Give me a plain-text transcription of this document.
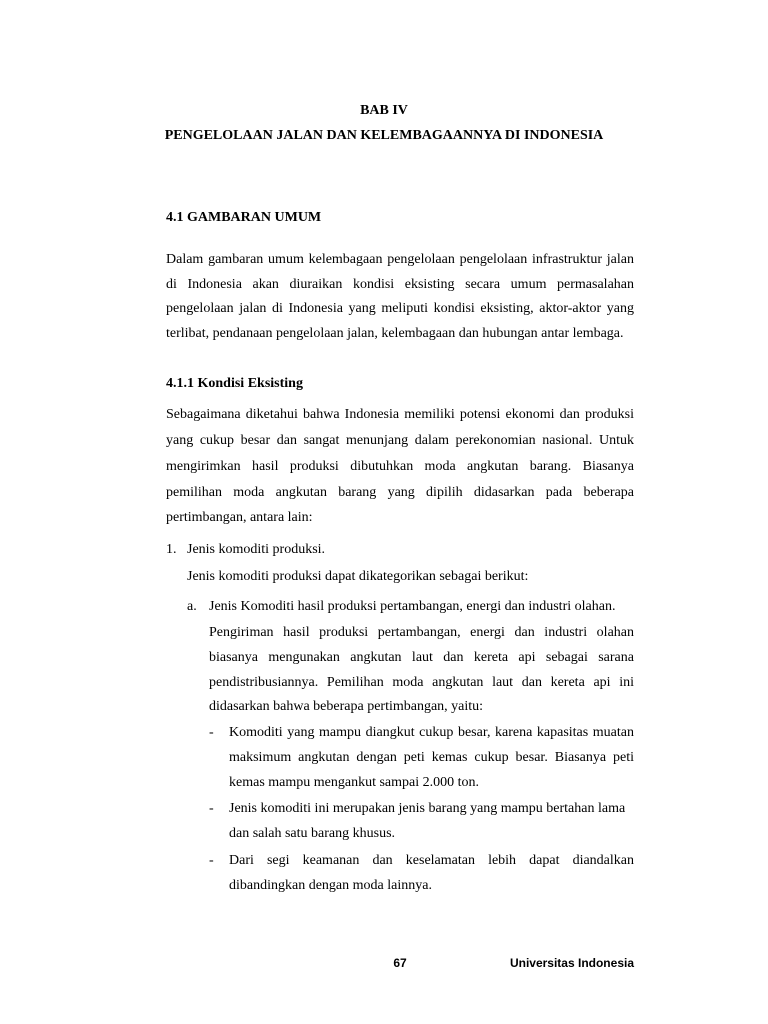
BAB IV
PENGELOLAAN JALAN DAN KELEMBAGAANNYA DI INDONESIA
4.1 GAMBARAN UMUM
Dalam gambaran umum kelembagaan pengelolaan pengelolaan infrastruktur jalan
di Indonesia akan diuraikan kondisi eksisting secara umum permasalahan
pengelolaan jalan di Indonesia yang meliputi kondisi eksisting, aktor-aktor yang
terlibat, pendanaan pengelolaan jalan, kelembagaan dan hubungan antar lembaga.
4.1.1 Kondisi Eksisting
Sebagaimana diketahui bahwa Indonesia memiliki potensi ekonomi dan produksi
yang cukup besar dan sangat menunjang dalam perekonomian nasional. Untuk
mengirimkan hasil produksi dibutuhkan moda angkutan barang. Biasanya
pemilihan moda angkutan barang yang dipilih didasarkan pada beberapa
pertimbangan, antara lain:
1. Jenis komoditi produksi.
Jenis komoditi produksi dapat dikategorikan sebagai berikut:
a. Jenis Komoditi hasil produksi pertambangan, energi dan industri olahan.
Pengiriman hasil produksi pertambangan, energi dan industri olahan
biasanya mengunakan angkutan laut dan kereta api sebagai sarana
pendistribusiannya. Pemilihan moda angkutan laut dan kereta api ini
didasarkan bahwa beberapa pertimbangan, yaitu:
- Komoditi yang mampu diangkut cukup besar, karena kapasitas muatan
maksimum angkutan dengan peti kemas cukup besar. Biasanya peti
kemas mampu mengankut sampai 2.000 ton.
- Jenis komoditi ini merupakan jenis barang yang mampu bertahan lama
dan salah satu barang khusus.
- Dari segi keamanan dan keselamatan lebih dapat diandalkan
dibandingkan dengan moda lainnya.
67	Universitas Indonesia
